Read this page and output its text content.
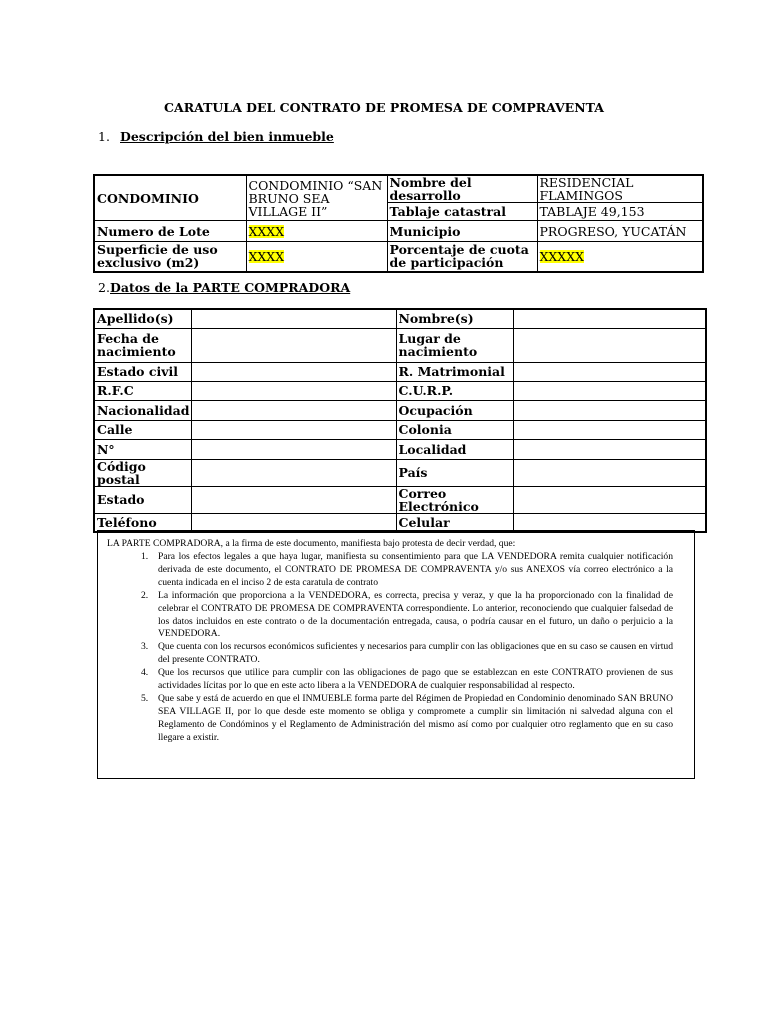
CARATULA DEL CONTRATO DE PROMESA DE COMPRAVENTA
1. Descripción del bien inmueble
CONDOMINIO	CONDOMINIO “SAN BRUNO SEA VILLAGE II”	Nombre del desarrollo	RESIDENCIAL FLAMINGOS
		Tablaje catastral	TABLAJE 49,153
Numero de Lote	XXXX	Municipio	PROGRESO, YUCATÁN
Superficie de uso exclusivo (m2)	XXXX	Porcentaje de cuota de participación	XXXXX
2.Datos de la PARTE COMPRADORA
Apellido(s)		Nombre(s)	
Fecha de nacimiento		Lugar de nacimiento	
Estado civil		R. Matrimonial	
R.F.C		C.U.R.P.	
Nacionalidad		Ocupación	
Calle		Colonia	
N°		Localidad	
Código postal		País	
Estado		Correo Electrónico	
Teléfono		Celular	
LA PARTE COMPRADORA, a la firma de este documento, manifiesta bajo protesta de decir verdad, que:
1. Para los efectos legales a que haya lugar, manifiesta su consentimiento para que LA VENDEDORA remita cualquier notificación derivada de este documento, el CONTRATO DE PROMESA DE COMPRAVENTA y/o sus ANEXOS vía correo electrónico a la cuenta indicada en el inciso 2 de esta caratula de contrato
2. La información que proporciona a la VENDEDORA, es correcta, precisa y veraz, y que la ha proporcionado con la finalidad de celebrar el CONTRATO DE PROMESA DE COMPRAVENTA correspondiente. Lo anterior, reconociendo que cualquier falsedad de los datos incluidos en este contrato o de la documentación entregada, causa, o podría causar en el futuro, un daño o perjuicio a la VENDEDORA.
3. Que cuenta con los recursos económicos suficientes y necesarios para cumplir con las obligaciones que en su caso se causen en virtud del presente CONTRATO.
4. Que los recursos que utilice para cumplir con las obligaciones de pago que se establezcan en este CONTRATO provienen de sus actividades lícitas por lo que en este acto libera a la VENDEDORA de cualquier responsabilidad al respecto.
5. Que sabe y está de acuerdo en que el INMUEBLE forma parte del Régimen de Propiedad en Condominio denominado SAN BRUNO SEA VILLAGE II, por lo que desde este momento se obliga y compromete a cumplir sin limitación ni salvedad alguna con el Reglamento de Condóminos y el Reglamento de Administración del mismo así como por cualquier otro reglamento que en su caso llegare a existir.
